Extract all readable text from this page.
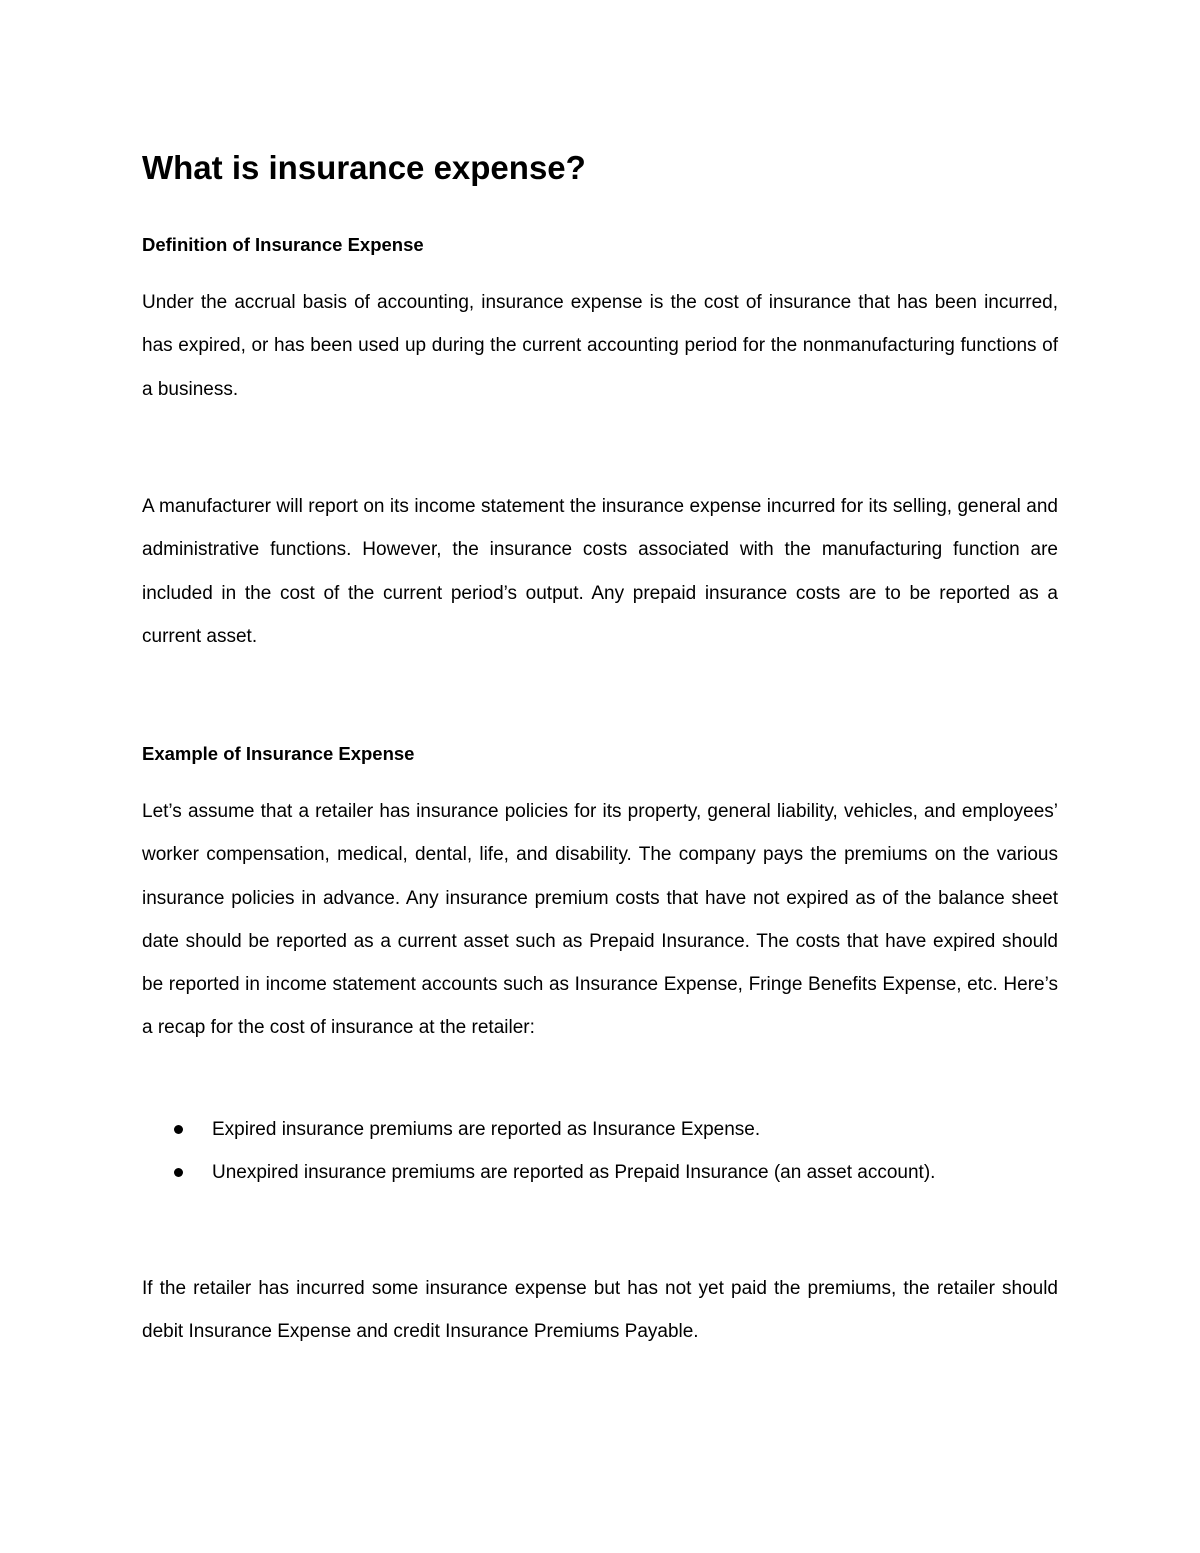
What is insurance expense?
Definition of Insurance Expense

Under the accrual basis of accounting, insurance expense is the cost of insurance that has been incurred, has expired, or has been used up during the current accounting period for the nonmanufacturing functions of a business.

A manufacturer will report on its income statement the insurance expense incurred for its selling, general and administrative functions. However, the insurance costs associated with the manufacturing function are included in the cost of the current period’s output. Any prepaid insurance costs are to be reported as a current asset.

Example of Insurance Expense

Let’s assume that a retailer has insurance policies for its property, general liability, vehicles, and employees’ worker compensation, medical, dental, life, and disability. The company pays the premiums on the various insurance policies in advance. Any insurance premium costs that have not expired as of the balance sheet date should be reported as a current asset such as Prepaid Insurance. The costs that have expired should be reported in income statement accounts such as Insurance Expense, Fringe Benefits Expense, etc. Here’s a recap for the cost of insurance at the retailer:

Expired insurance premiums are reported as Insurance Expense.
Unexpired insurance premiums are reported as Prepaid Insurance (an asset account).

If the retailer has incurred some insurance expense but has not yet paid the premiums, the retailer should debit Insurance Expense and credit Insurance Premiums Payable.
